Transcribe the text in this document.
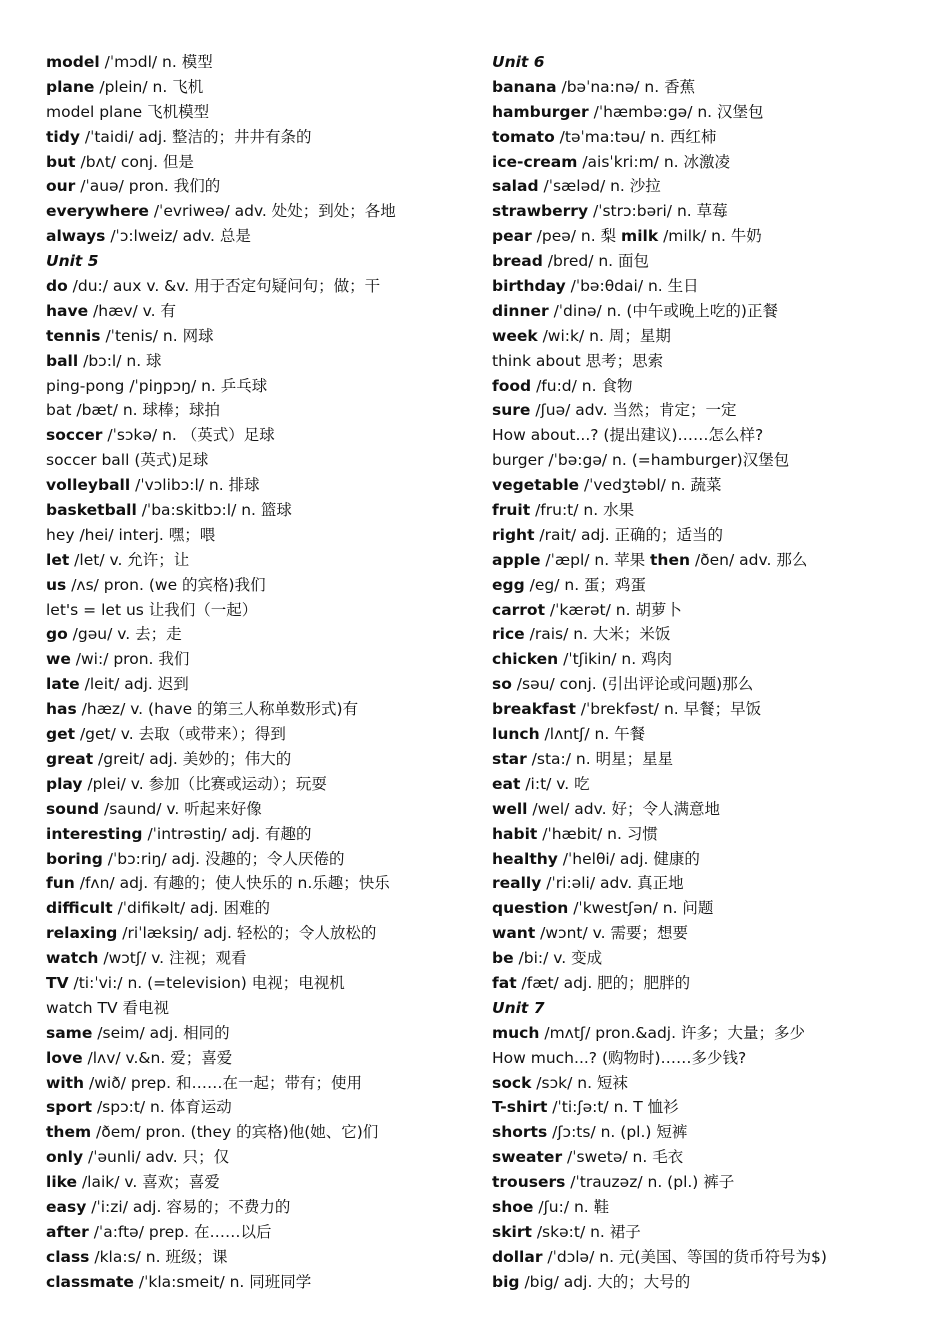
model /ˈmɔdl/ n. 模型
plane /plein/ n. 飞机
model plane 飞机模型
tidy /ˈtaidi/ adj. 整洁的；井井有条的
but /bʌt/ conj. 但是
our /ˈauə/ pron. 我们的
everywhere /ˈevriweə/ adv. 处处；到处；各地
always /ˈɔ:lweiz/ adv. 总是
Unit 5
do /du:/ aux v. &v. 用于否定句疑问句；做；干
have /hæv/ v. 有
tennis /ˈtenis/ n. 网球
ball /bɔ:l/ n. 球
ping-pong /ˈpiŋpɔŋ/ n. 乒乓球
bat /bæt/ n. 球棒；球拍
soccer /ˈsɔkə/ n. （英式）足球
soccer ball (英式)足球
volleyball /ˈvɔlibɔ:l/ n. 排球
basketball /ˈba:skitbɔ:l/ n. 篮球
hey /hei/ interj. 嘿；喂
let /let/ v. 允许；让
us /ʌs/ pron. (we 的宾格)我们
let's = let us 让我们（一起）
go /gəu/ v. 去；走
we /wi:/ pron. 我们
late /leit/ adj. 迟到
has /hæz/ v. (have 的第三人称单数形式)有
get /get/ v. 去取（或带来）；得到
great /greit/ adj. 美妙的；伟大的
play /plei/ v. 参加（比赛或运动）；玩耍
sound /saund/ v. 听起来好像
interesting /ˈintrəstiŋ/ adj. 有趣的
boring /ˈbɔ:riŋ/ adj. 没趣的；令人厌倦的
fun /fʌn/ adj. 有趣的；使人快乐的 n.乐趣；快乐
difficult /ˈdifikəlt/ adj. 困难的
relaxing /riˈlæksiŋ/ adj. 轻松的；令人放松的
watch /wɔtʃ/ v. 注视；观看
TV /ti:ˈvi:/ n. (=television) 电视；电视机
watch TV 看电视
same /seim/ adj. 相同的
love /lʌv/ v.&n. 爱；喜爱
with /wið/ prep. 和……在一起；带有；使用
sport /spɔ:t/ n. 体育运动
them /ðem/ pron. (they 的宾格)他(她、它)们
only /ˈəunli/ adv. 只；仅
like /laik/ v. 喜欢；喜爱
easy /ˈi:zi/ adj. 容易的；不费力的
after /ˈa:ftə/ prep. 在……以后
class /kla:s/ n. 班级；课
classmate /ˈkla:smeit/ n. 同班同学
Unit 6
banana /bəˈna:nə/ n. 香蕉
hamburger /ˈhæmbə:gə/ n. 汉堡包
tomato /təˈma:təu/ n. 西红柿
ice-cream /aisˈkri:m/ n. 冰激凌
salad /ˈsæləd/ n. 沙拉
strawberry /ˈstrɔ:bəri/ n. 草莓
pear /peə/ n. 梨 milk /milk/ n. 牛奶
bread /bred/ n. 面包
birthday /ˈbə:θdai/ n. 生日
dinner /ˈdinə/ n. (中午或晚上吃的)正餐
week /wi:k/ n. 周；星期
think about 思考；思索
food /fu:d/ n. 食物
sure /ʃuə/ adv. 当然；肯定；一定
How about...? (提出建议)……怎么样?
burger /ˈbə:gə/ n. (=hamburger)汉堡包
vegetable /ˈvedʒtəbl/ n. 蔬菜
fruit /fru:t/ n. 水果
right /rait/ adj. 正确的；适当的
apple /ˈæpl/ n. 苹果 then /ðen/ adv. 那么
egg /eg/ n. 蛋；鸡蛋
carrot /ˈkærət/ n. 胡萝卜
rice /rais/ n. 大米；米饭
chicken /ˈtʃikin/ n. 鸡肉
so /səu/ conj. (引出评论或问题)那么
breakfast /ˈbrekfəst/ n. 早餐；早饭
lunch /lʌntʃ/ n. 午餐
star /sta:/ n. 明星；星星
eat /i:t/ v. 吃
well /wel/ adv. 好；令人满意地
habit /ˈhæbit/ n. 习惯
healthy /ˈhelθi/ adj. 健康的
really /ˈri:əli/ adv. 真正地
question /ˈkwestʃən/ n. 问题
want /wɔnt/ v. 需要；想要
be /bi:/ v. 变成
fat /fæt/ adj. 肥的；肥胖的
Unit 7
much /mʌtʃ/ pron.&adj. 许多；大量；多少
How much...? (购物时)……多少钱?
sock /sɔk/ n. 短袜
T-shirt /ˈti:ʃə:t/ n. T 恤衫
shorts /ʃɔ:ts/ n. (pl.) 短裤
sweater /ˈswetə/ n. 毛衣
trousers /ˈtrauzəz/ n. (pl.) 裤子
shoe /ʃu:/ n. 鞋
skirt /skə:t/ n. 裙子
dollar /ˈdɔlə/ n. 元(美国、等国的货币符号为$)
big /big/ adj. 大的；大号的
